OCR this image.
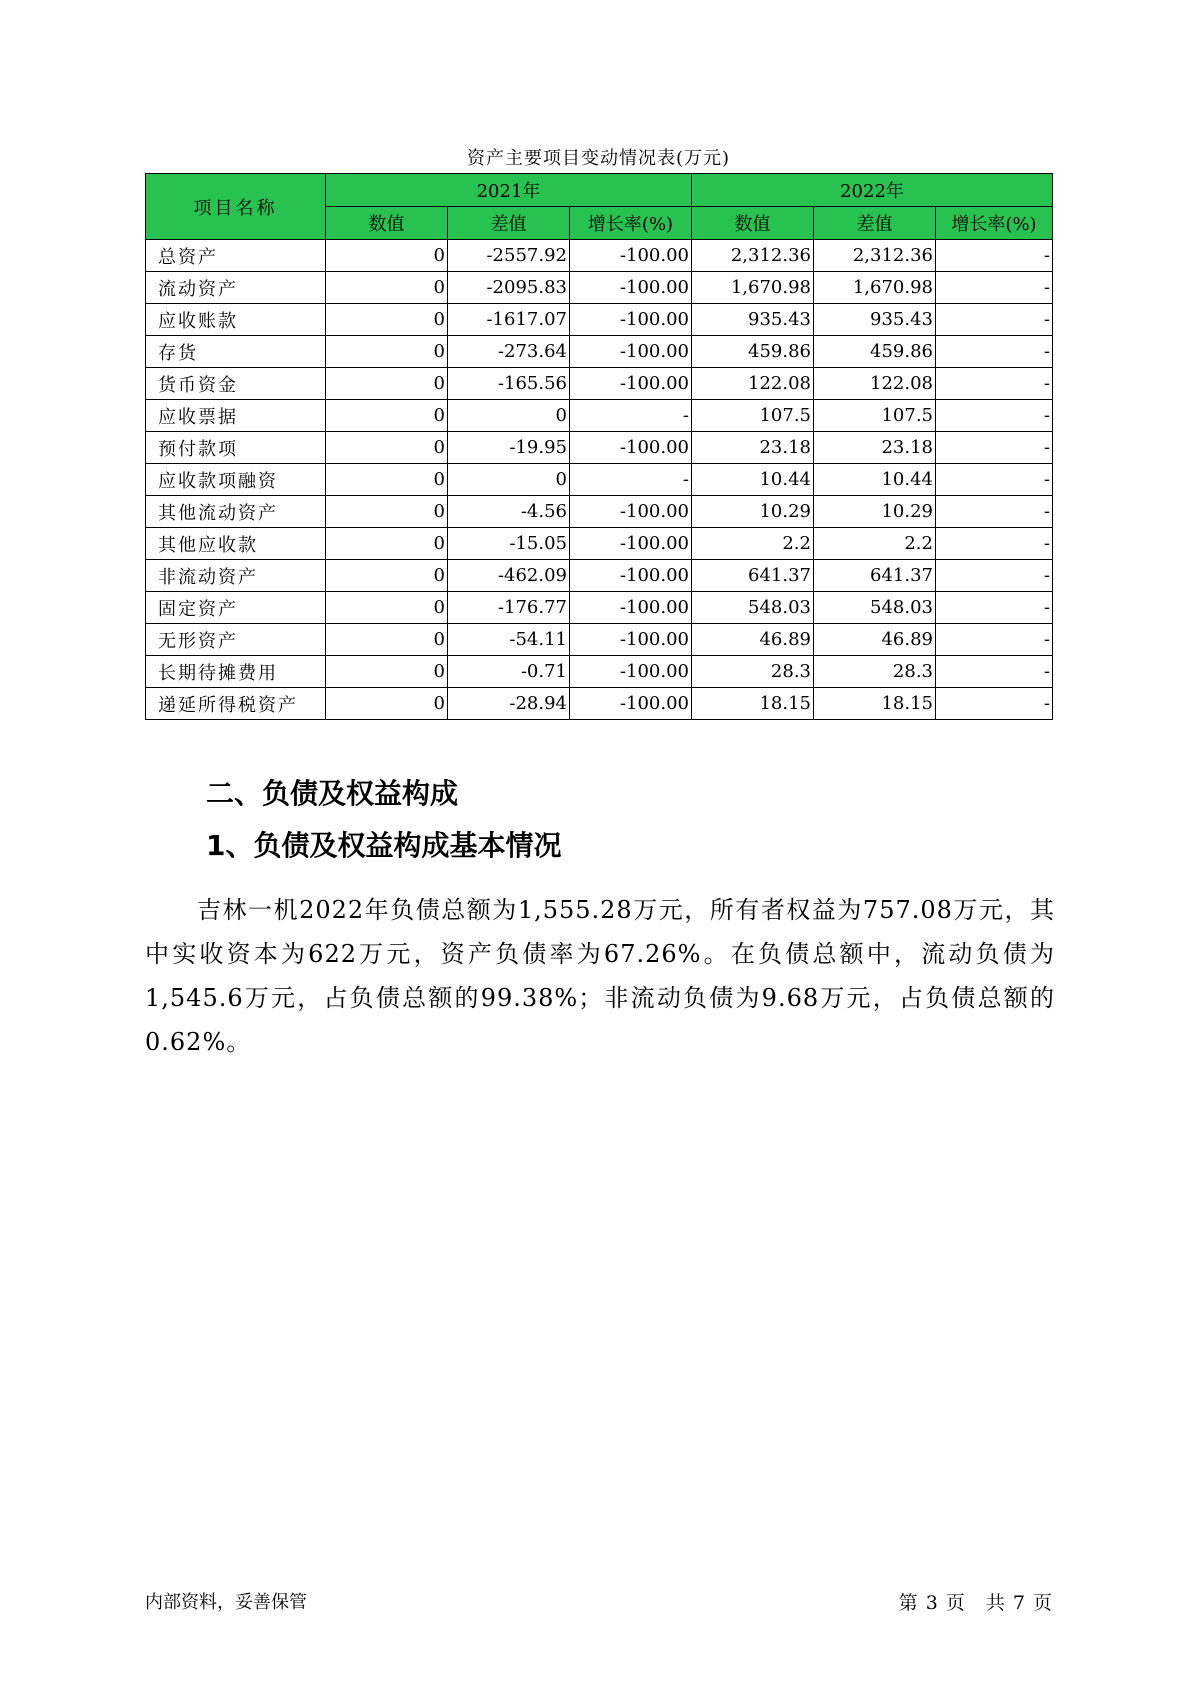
资产主要项目变动情况表(万元)
项目名称	2021年			2022年		
	数值	差值	增长率(%)	数值	差值	增长率(%)
总资产	0	-2557.92	-100.00	2,312.36	2,312.36	-
流动资产	0	-2095.83	-100.00	1,670.98	1,670.98	-
应收账款	0	-1617.07	-100.00	935.43	935.43	-
存货	0	-273.64	-100.00	459.86	459.86	-
货币资金	0	-165.56	-100.00	122.08	122.08	-
应收票据	0	0	-	107.5	107.5	-
预付款项	0	-19.95	-100.00	23.18	23.18	-
应收款项融资	0	0	-	10.44	10.44	-
其他流动资产	0	-4.56	-100.00	10.29	10.29	-
其他应收款	0	-15.05	-100.00	2.2	2.2	-
非流动资产	0	-462.09	-100.00	641.37	641.37	-
固定资产	0	-176.77	-100.00	548.03	548.03	-
无形资产	0	-54.11	-100.00	46.89	46.89	-
长期待摊费用	0	-0.71	-100.00	28.3	28.3	-
递延所得税资产	0	-28.94	-100.00	18.15	18.15	-
二、负债及权益构成
1、负债及权益构成基本情况

吉林一机2022年负债总额为1,555.28万元，所有者权益为757.08万元，其中实收资本为622万元，资产负债率为67.26%。在负债总额中，流动负债为1,545.6万元，占负债总额的99.38%；非流动负债为9.68万元，占负债总额的0.62%。

内部资料，妥善保管	第 3 页　共 7 页
